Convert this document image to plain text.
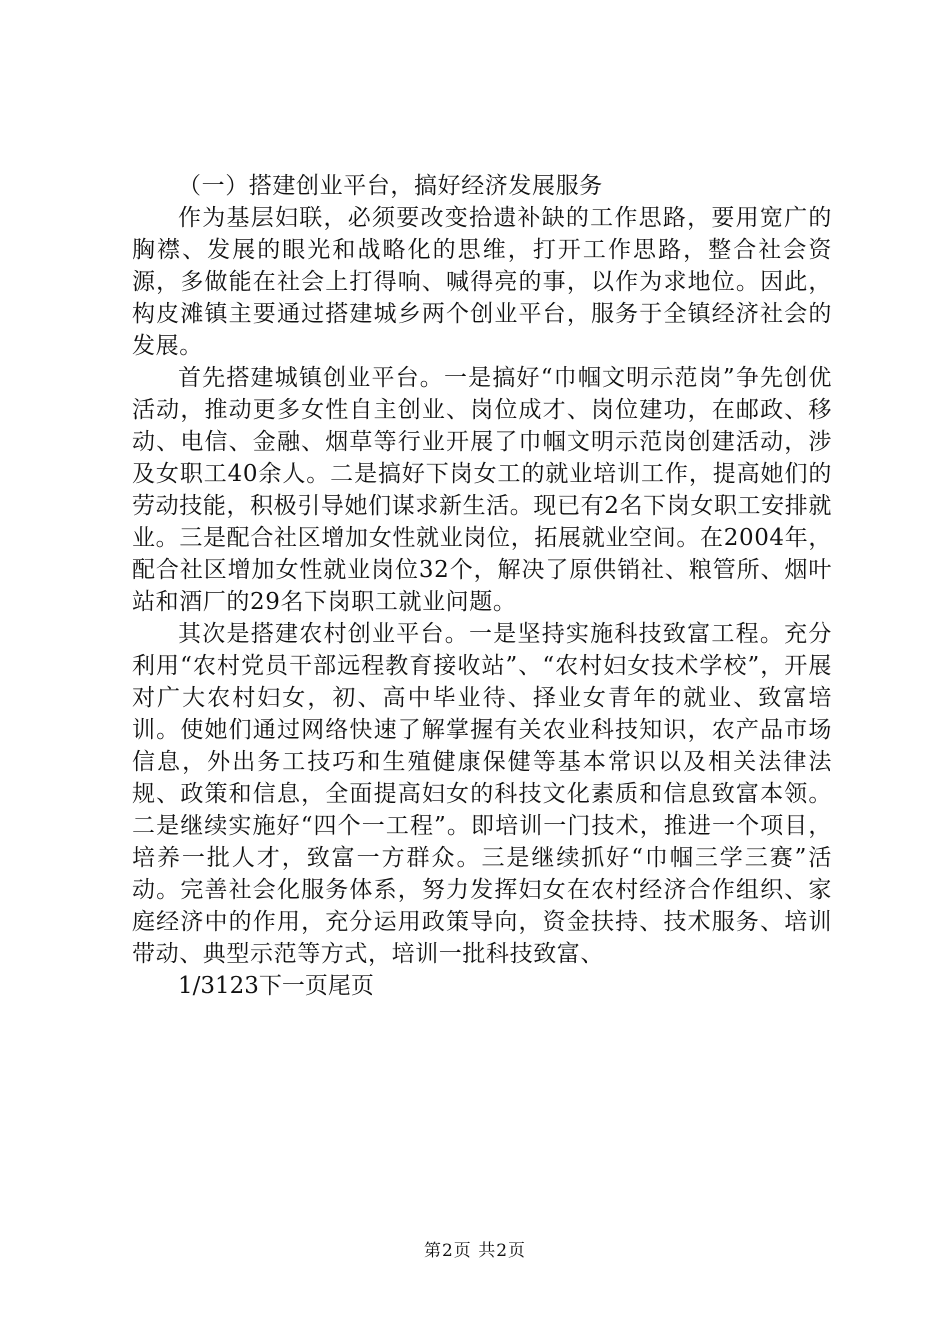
（一）搭建创业平台，搞好经济发展服务

作为基层妇联，必须要改变拾遗补缺的工作思路，要用宽广的胸襟、发展的眼光和战略化的思维，打开工作思路，整合社会资源，多做能在社会上打得响、喊得亮的事，以作为求地位。因此，构皮滩镇主要通过搭建城乡两个创业平台，服务于全镇经济社会的发展。

首先搭建城镇创业平台。一是搞好“巾帼文明示范岗”争先创优活动，推动更多女性自主创业、岗位成才、岗位建功，在邮政、移动、电信、金融、烟草等行业开展了巾帼文明示范岗创建活动，涉及女职工40余人。二是搞好下岗女工的就业培训工作，提高她们的劳动技能，积极引导她们谋求新生活。现已有2名下岗女职工安排就业。三是配合社区增加女性就业岗位，拓展就业空间。在2004年，配合社区增加女性就业岗位32个，解决了原供销社、粮管所、烟叶站和酒厂的29名下岗职工就业问题。

其次是搭建农村创业平台。一是坚持实施科技致富工程。充分利用“农村党员干部远程教育接收站”、“农村妇女技术学校”，开展对广大农村妇女，初、高中毕业待、择业女青年的就业、致富培训。使她们通过网络快速了解掌握有关农业科技知识，农产品市场信息，外出务工技巧和生殖健康保健等基本常识以及相关法律法规、政策和信息，全面提高妇女的科技文化素质和信息致富本领。二是继续实施好“四个一工程”。即培训一门技术，推进一个项目，培养一批人才，致富一方群众。三是继续抓好“巾帼三学三赛”活动。完善社会化服务体系，努力发挥妇女在农村经济合作组织、家庭经济中的作用，充分运用政策导向，资金扶持、技术服务、培训带动、典型示范等方式，培训一批科技致富、

1/3123下一页尾页

第2页 共2页
